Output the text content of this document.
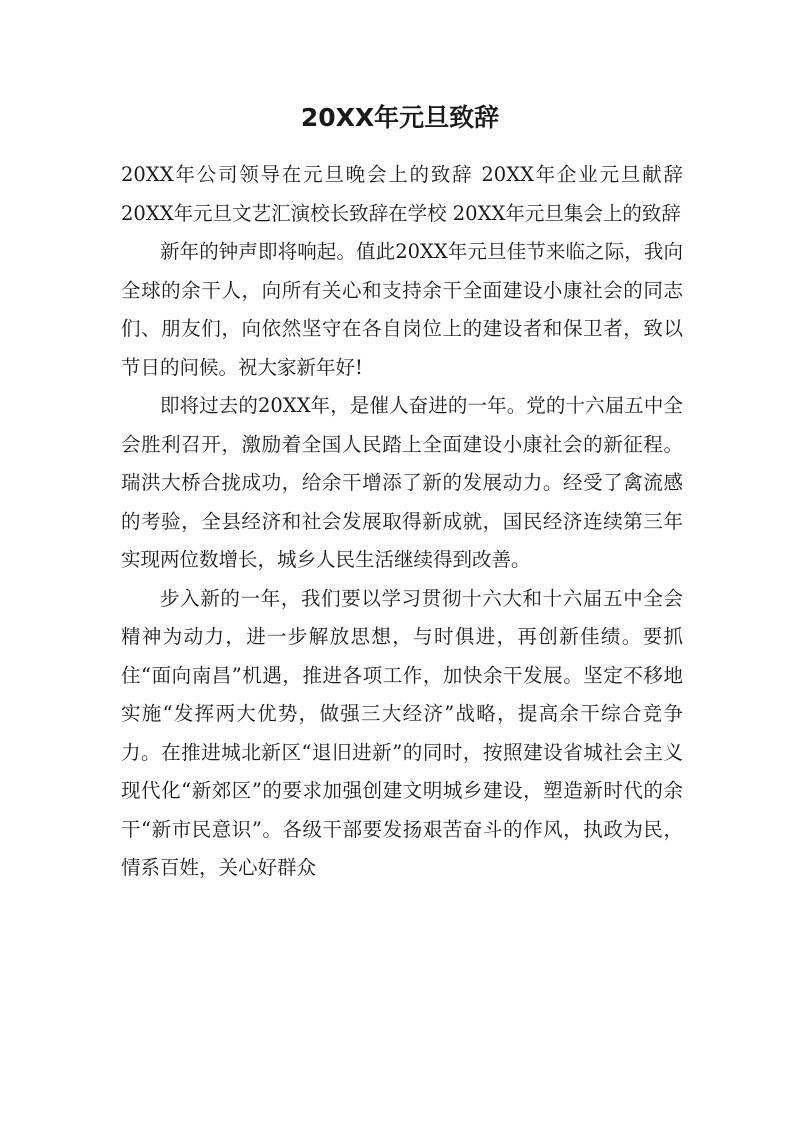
20XX年元旦致辞

20XX年公司领导在元旦晚会上的致辞 20XX年企业元旦献辞 20XX年元旦文艺汇演校长致辞在学校 20XX年元旦集会上的致辞

新年的钟声即将响起。值此20XX年元旦佳节来临之际，我向全球的余干人，向所有关心和支持余干全面建设小康社会的同志们、朋友们，向依然坚守在各自岗位上的建设者和保卫者，致以节日的问候。祝大家新年好!

即将过去的20XX年，是催人奋进的一年。党的十六届五中全会胜利召开，激励着全国人民踏上全面建设小康社会的新征程。瑞洪大桥合拢成功，给余干增添了新的发展动力。经受了禽流感的考验，全县经济和社会发展取得新成就，国民经济连续第三年实现两位数增长，城乡人民生活继续得到改善。

步入新的一年，我们要以学习贯彻十六大和十六届五中全会精神为动力，进一步解放思想，与时俱进，再创新佳绩。要抓住“面向南昌”机遇，推进各项工作，加快余干发展。坚定不移地实施“发挥两大优势，做强三大经济”战略，提高余干综合竞争力。在推进城北新区“退旧进新”的同时，按照建设省城社会主义现代化“新郊区”的要求加强创建文明城乡建设，塑造新时代的余干“新市民意识”。各级干部要发扬艰苦奋斗的作风，执政为民，情系百姓，关心好群众
